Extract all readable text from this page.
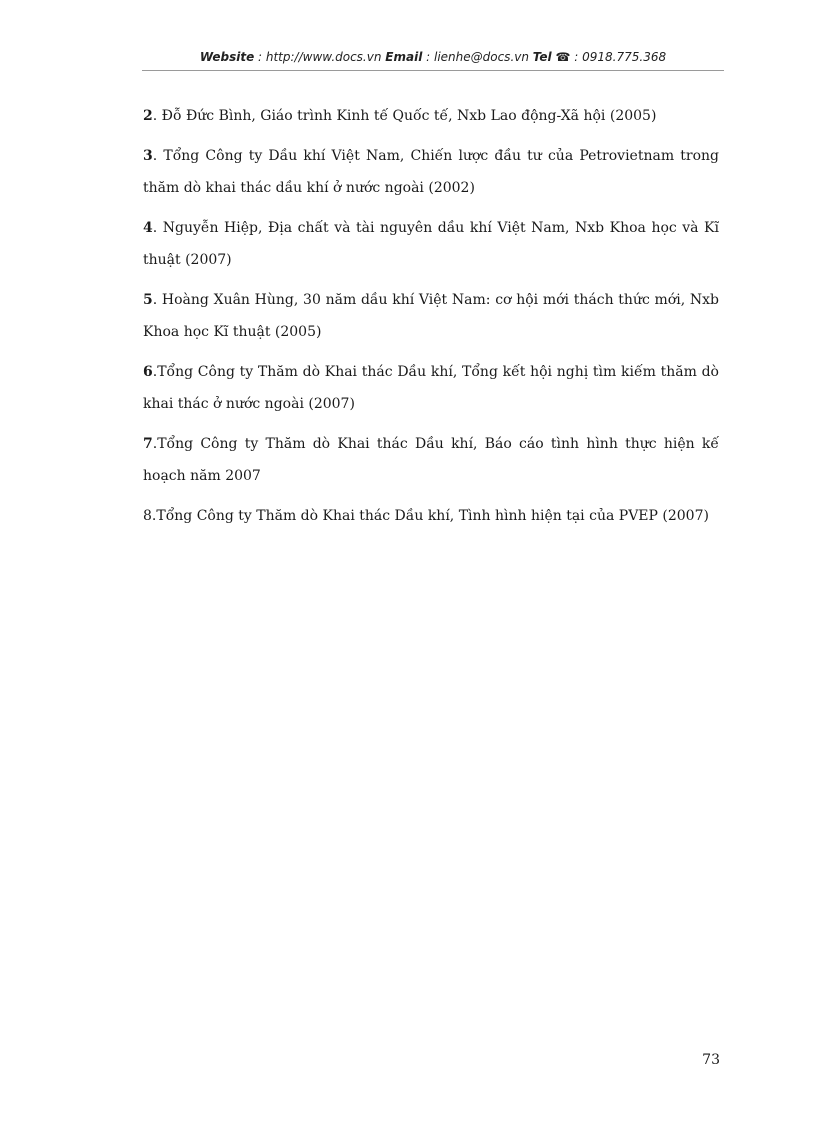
Website : http://www.docs.vn Email : lienhe@docs.vn Tel ☎ : 0918.775.368

2. Đỗ Đức Bình, Giáo trình Kinh tế Quốc tế, Nxb Lao động-Xã hội (2005)

3. Tổng Công ty Dầu khí Việt Nam, Chiến lược đầu tư của Petrovietnam trong thăm dò khai thác dầu khí ở nước ngoài (2002)

4. Nguyễn Hiệp, Địa chất và tài nguyên dầu khí Việt Nam, Nxb Khoa học và Kĩ thuật (2007)

5. Hoàng Xuân Hùng, 30 năm dầu khí Việt Nam: cơ hội mới thách thức mới, Nxb Khoa học Kĩ thuật (2005)

6.Tổng Công ty Thăm dò Khai thác Dầu khí, Tổng kết hội nghị tìm kiếm thăm dò khai thác ở nước ngoài (2007)

7.Tổng Công ty Thăm dò Khai thác Dầu khí, Báo cáo tình hình thực hiện kế hoạch năm 2007

8.Tổng Công ty Thăm dò Khai thác Dầu khí, Tình hình hiện tại của PVEP (2007)

73
